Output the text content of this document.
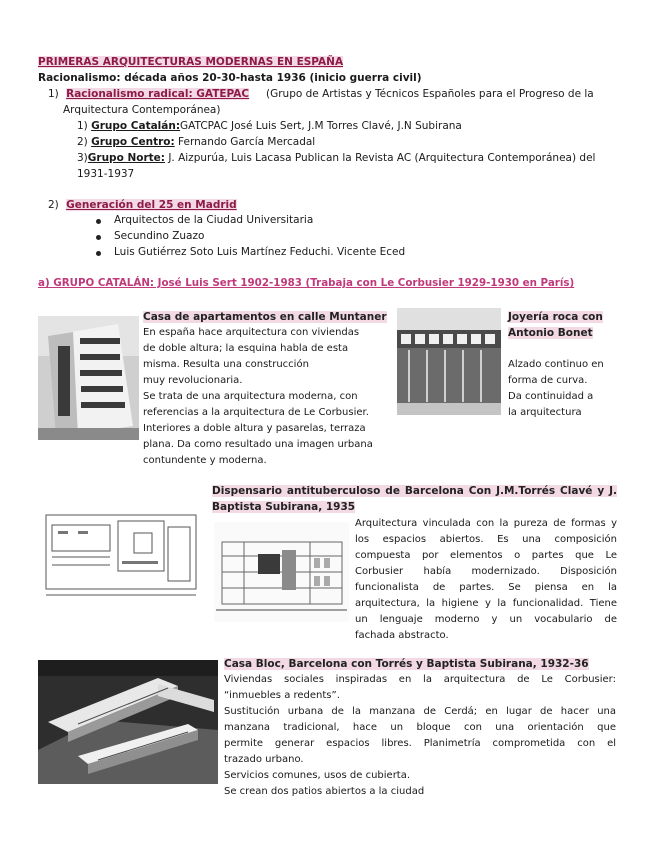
PRIMERAS ARQUITECTURAS MODERNAS EN ESPAÑA
Racionalismo: década años 20-30-hasta 1936 (inicio guerra civil)
1) Racionalismo radical: GATEPAC	(Grupo de Artistas y Técnicos Españoles para el Progreso de la
Arquitectura Contemporánea)
1) Grupo Catalán:GATCPAC José Luis Sert, J.M Torres Clavé, J.N Subirana
2) Grupo Centro: Fernando García Mercadal
3)Grupo Norte: J. Aizpurúa, Luis Lacasa Publican la Revista AC (Arquitectura Contemporánea) del
1931-1937
2) Generación del 25 en Madrid
Arquitectos de la Ciudad Universitaria
Secundino Zuazo
Luis Gutiérrez Soto Luis Martínez Feduchi. Vicente Eced
a) GRUPO CATALÁN: José Luis Sert 1902-1983 (Trabaja con Le Corbusier 1929-1930 en París)
Casa de apartamentos en calle Muntaner
En españa hace arquitectura con viviendas
de doble altura; la esquina habla de esta
misma. Resulta una construcción
muy revolucionaria.
Se trata de una arquitectura moderna, con
referencias a la arquitectura de Le Corbusier.
Interiores a doble altura y pasarelas, terraza
plana. Da como resultado una imagen urbana
contundente y moderna.
Joyería roca con
Antonio Bonet
Alzado continuo en
forma de curva.
Da continuidad a
la arquitectura
Dispensario antituberculoso de Barcelona Con J.M.Torrés Clavé y J.
Baptista Subirana, 1935
Arquitectura vinculada con la pureza de formas y
los espacios abiertos. Es una composición
compuesta por elementos o partes que Le
Corbusier había modernizado. Disposición
funcionalista de partes. Se piensa en la
arquitectura, la higiene y la funcionalidad. Tiene
un lenguaje moderno y un vocabulario de
fachada abstracto.
Casa Bloc, Barcelona con Torrés y Baptista Subirana, 1932-36
Viviendas sociales inspiradas en la arquitectura de Le Corbusier:
“inmuebles a redents”.
Sustitución urbana de la manzana de Cerdá; en lugar de hacer una
manzana tradicional, hace un bloque con una orientación que
permite generar espacios libres. Planimetría comprometida con el
trazado urbano.
Servicios comunes, usos de cubierta.
Se crean dos patios abiertos a la ciudad
